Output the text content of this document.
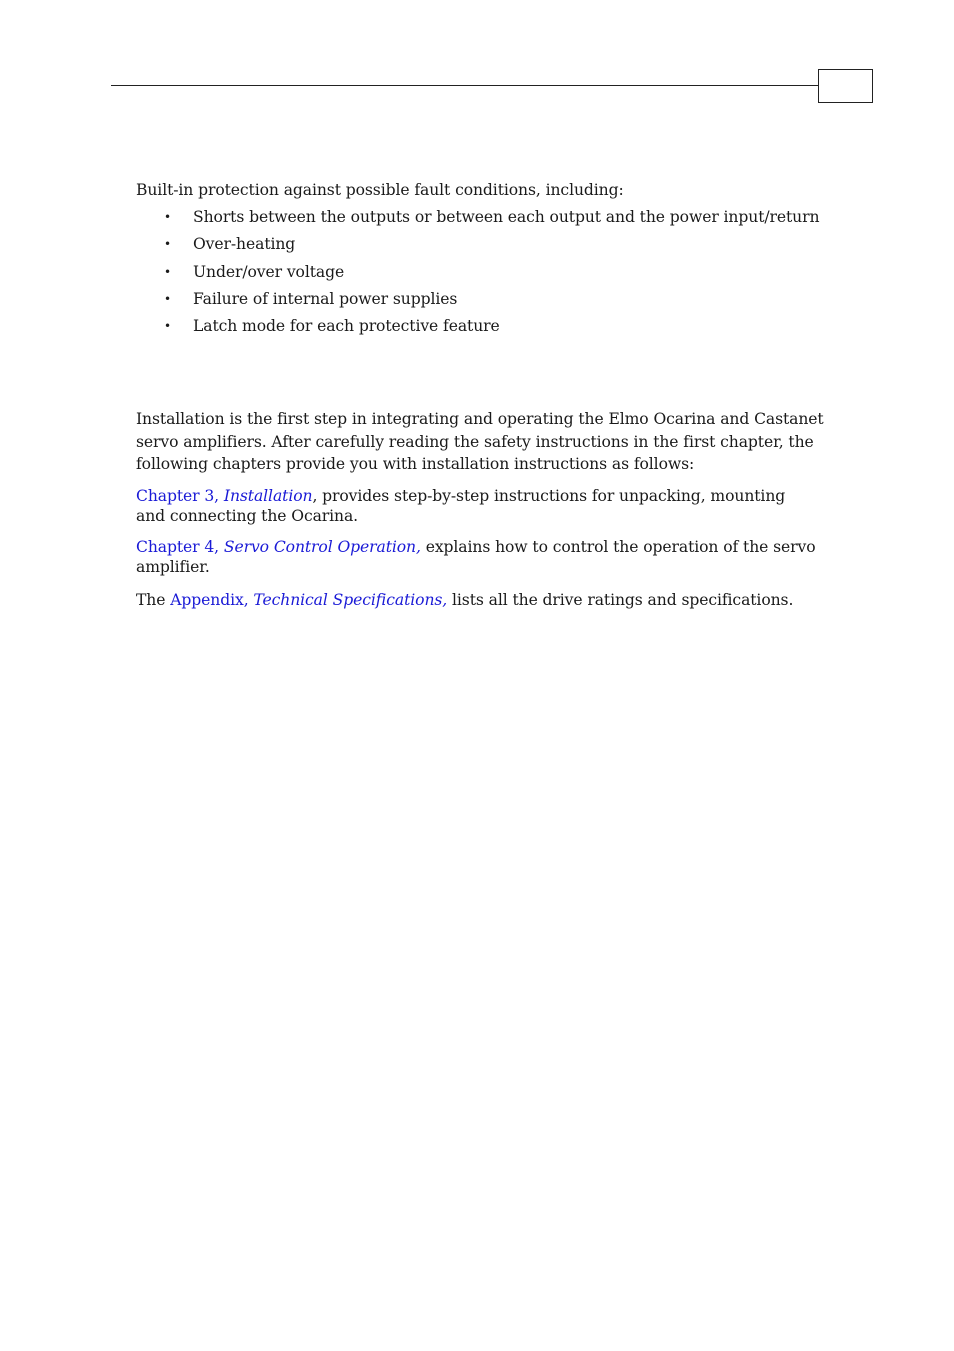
Built-in protection against possible fault conditions, including:
• Shorts between the outputs or between each output and the power input/return
• Over-heating
• Under/over voltage
• Failure of internal power supplies
• Latch mode for each protective feature
Installation is the first step in integrating and operating the Elmo Ocarina and Castanet
servo amplifiers. After carefully reading the safety instructions in the first chapter, the
following chapters provide you with installation instructions as follows:
Chapter 3, Installation, provides step-by-step instructions for unpacking, mounting
and connecting the Ocarina.
Chapter 4, Servo Control Operation, explains how to control the operation of the servo
amplifier.
The Appendix, Technical Specifications, lists all the drive ratings and specifications.
